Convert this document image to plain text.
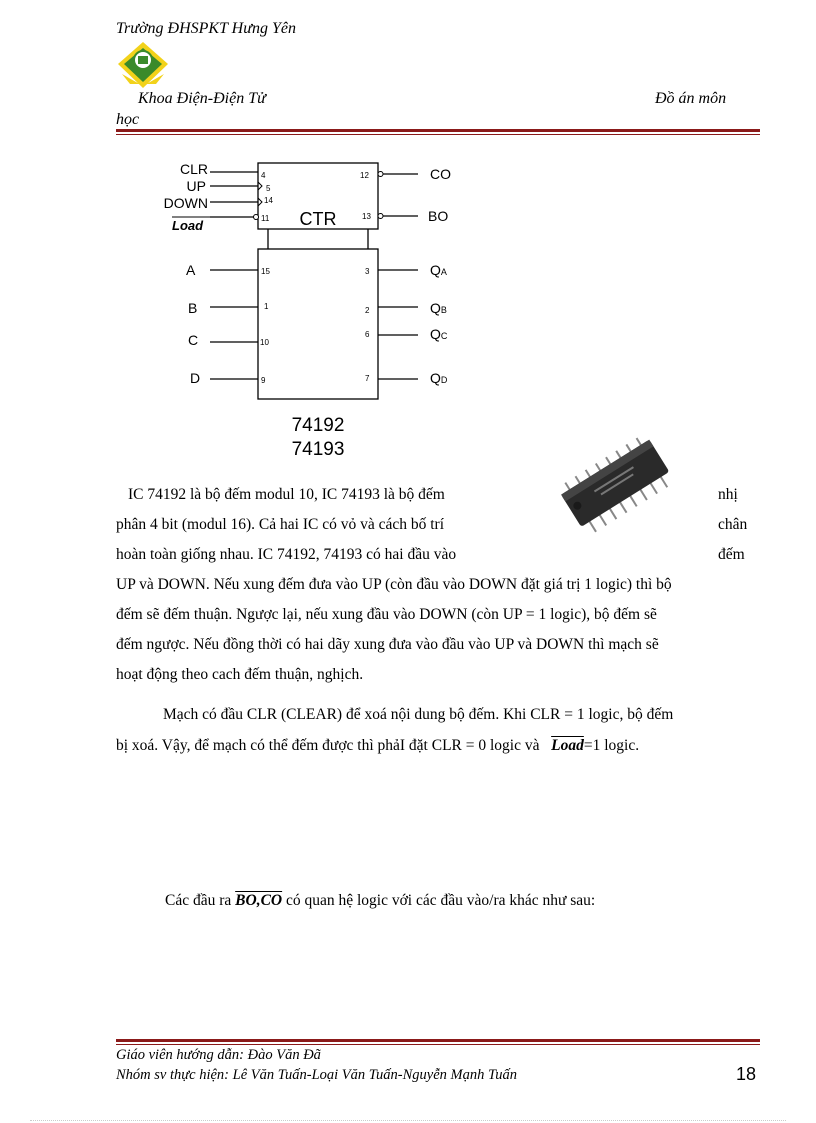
Trường ĐHSPKT Hưng Yên
Khoa Điện-Điện Tử	Đồ án môn
học
CTR
CLR	4
UP	5
DOWN	14
Load	11
CO
12
BO
13
A	15
B	1
C	10
D	9
QA
3
QB
2
QC
6
QD
7
74192
74193
IC 74192 là bộ đếm modul 10, IC 74193 là bộ đếm	nhị
phân 4 bit (modul 16). Cả hai IC có vỏ và cách bố trí	chân
hoàn toàn giống nhau. IC 74192, 74193 có hai đầu vào	đếm
UP và DOWN. Nếu xung đếm đưa vào UP (còn đầu vào DOWN đặt giá trị 1 logic) thì bộ
đếm sẽ đếm thuận. Ngược lại, nếu xung đầu vào DOWN (còn UP = 1 logic), bộ đếm sẽ
đếm ngược. Nếu đồng thời có hai dãy xung đưa vào đầu vào UP và DOWN thì mạch sẽ
hoạt động theo cach đếm thuận, nghịch.
Mạch có đầu CLR (CLEAR) để xoá nội dung bộ đếm. Khi CLR = 1 logic, bộ đếm
bị xoá. Vậy, để mạch có thể đếm được thì phảI đặt CLR = 0 logic và Load=1 logic.
Các đầu ra BO,CO có quan hệ logic với các đầu vào/ra khác như sau:
Giáo viên hướng dẫn: Đào Văn Đã
Nhóm sv thực hiện: Lê Văn Tuấn-Loại Văn Tuấn-Nguyễn Mạnh Tuấn	18
